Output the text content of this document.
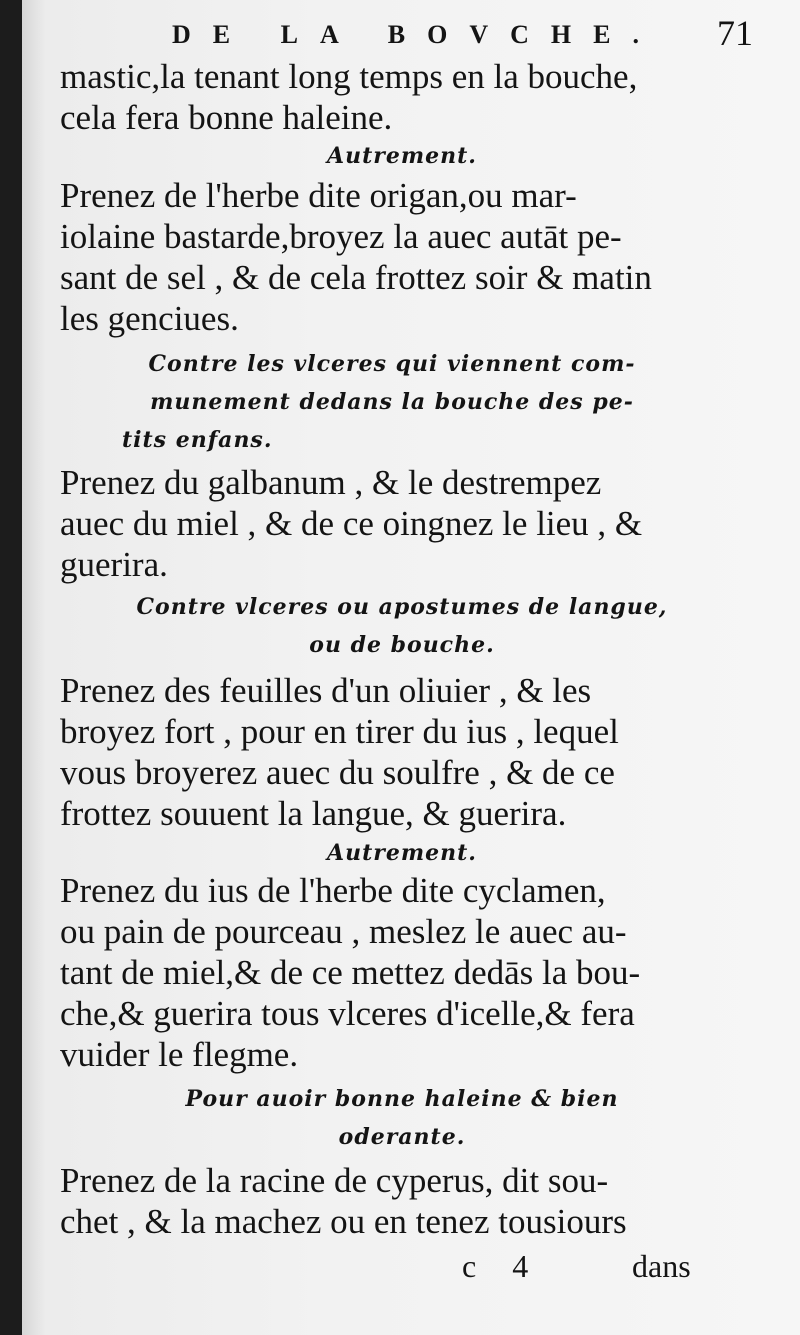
DE LA BOVCHE. 71
mastic,la tenant long temps en la bouche,
cela fera bonne haleine.
Autrement.
Prenez de l'herbe dite origan,ou mar-
iolaine bastarde,broyez la auec autāt pe-
sant de sel , & de cela frottez soir & matin
les genciues.
Contre les vlceres qui viennent com-
munement dedans la bouche des pe-
tits enfans.
Prenez du galbanum , & le destrempez
auec du miel , & de ce oingnez le lieu , &
guerira.
Contre vlceres ou apostumes de langue,
ou de bouche.
Prenez des feuilles d'un oliuier , & les
broyez fort , pour en tirer du ius , lequel
vous broyerez auec du soulfre , & de ce
frottez souuent la langue, & guerira.
Autrement.
Prenez du ius de l'herbe dite cyclamen,
ou pain de pourceau , meslez le auec au-
tant de miel,& de ce mettez dedās la bou-
che,& guerira tous vlceres d'icelle,& fera
vuider le flegme.
Pour auoir bonne haleine & bien
oderante.
Prenez de la racine de cyperus, dit sou-
chet , & la machez ou en tenez tousiours
c 4	dans
